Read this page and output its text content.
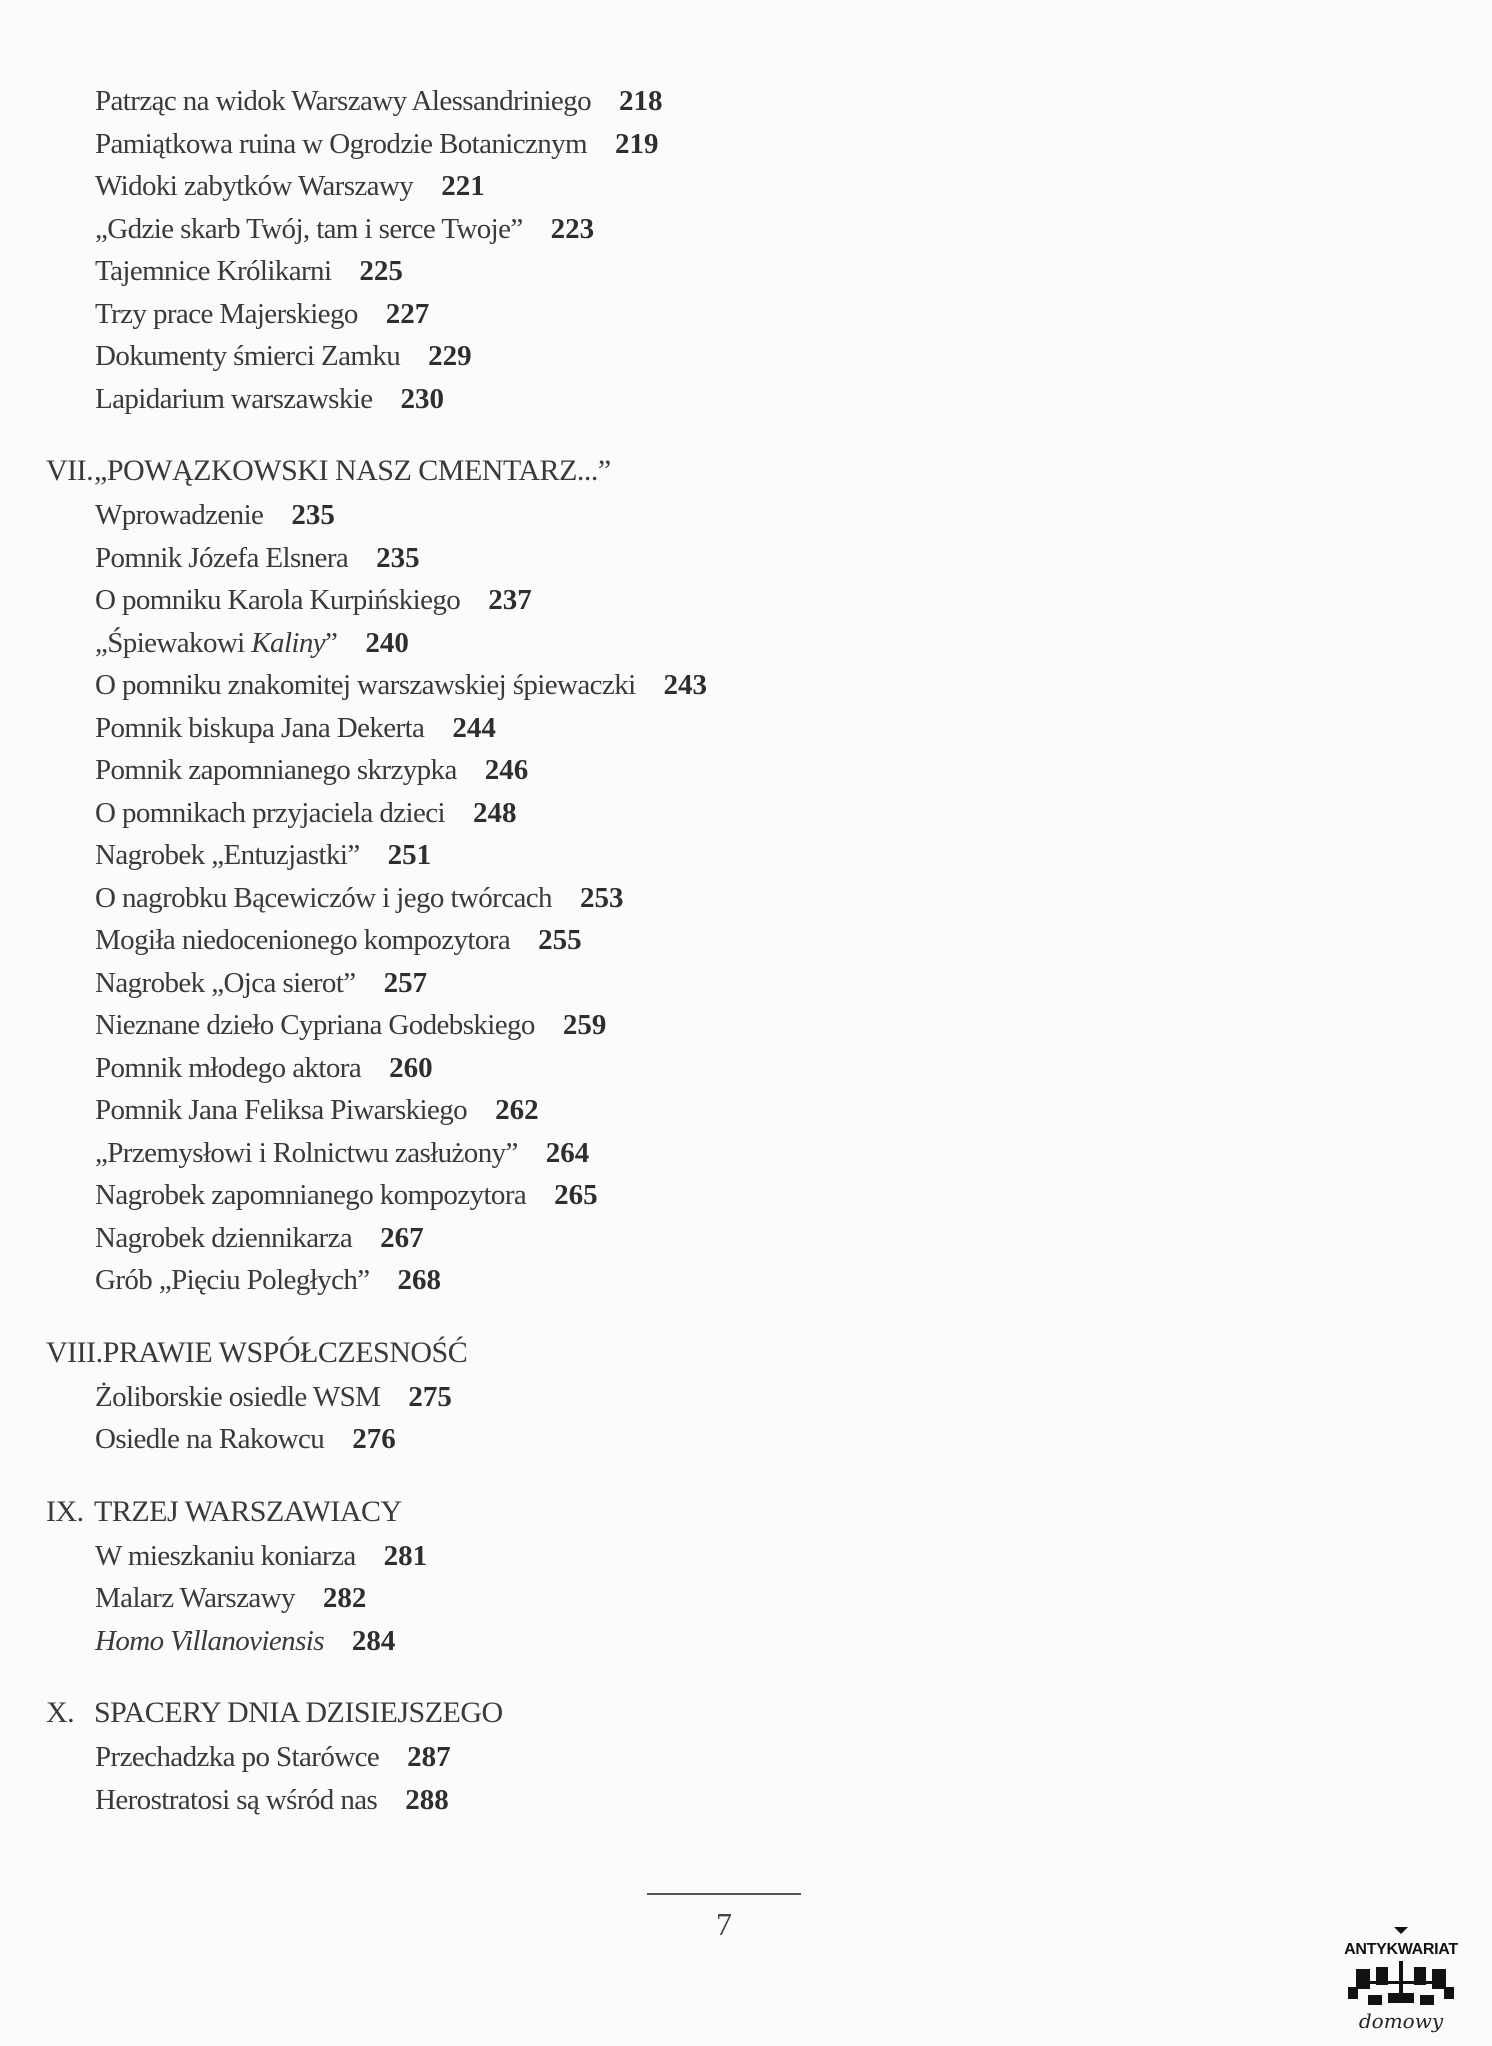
Patrząc na widok Warszawy Alessandriniego 218
Pamiątkowa ruina w Ogrodzie Botanicznym 219
Widoki zabytków Warszawy 221
„Gdzie skarb Twój, tam i serce Twoje” 223
Tajemnice Królikarni 225
Trzy prace Majerskiego 227
Dokumenty śmierci Zamku 229
Lapidarium warszawskie 230
VII.„POWĄZKOWSKI NASZ CMENTARZ...”
Wprowadzenie 235
Pomnik Józefa Elsnera 235
O pomniku Karola Kurpińskiego 237
„Śpiewakowi Kaliny” 240
O pomniku znakomitej warszawskiej śpiewaczki 243
Pomnik biskupa Jana Dekerta 244
Pomnik zapomnianego skrzypka 246
O pomnikach przyjaciela dzieci 248
Nagrobek „Entuzjastki” 251
O nagrobku Bącewiczów i jego twórcach 253
Mogiła niedocenionego kompozytora 255
Nagrobek „Ojca sierot” 257
Nieznane dzieło Cypriana Godebskiego 259
Pomnik młodego aktora 260
Pomnik Jana Feliksa Piwarskiego 262
„Przemysłowi i Rolnictwu zasłużony” 264
Nagrobek zapomnianego kompozytora 265
Nagrobek dziennikarza 267
Grób „Pięciu Poległych” 268
VIII.PRAWIE WSPÓŁCZESNOŚĆ
Żoliborskie osiedle WSM 275
Osiedle na Rakowcu 276
IX. TRZEJ WARSZAWIACY
W mieszkaniu koniarza 281
Malarz Warszawy 282
Homo Villanoviensis 284
X. SPACERY DNIA DZISIEJSZEGO
Przechadzka po Starówce 287
Herostratosi są wśród nas 288
7
ANTYKWARIAT
domowy
